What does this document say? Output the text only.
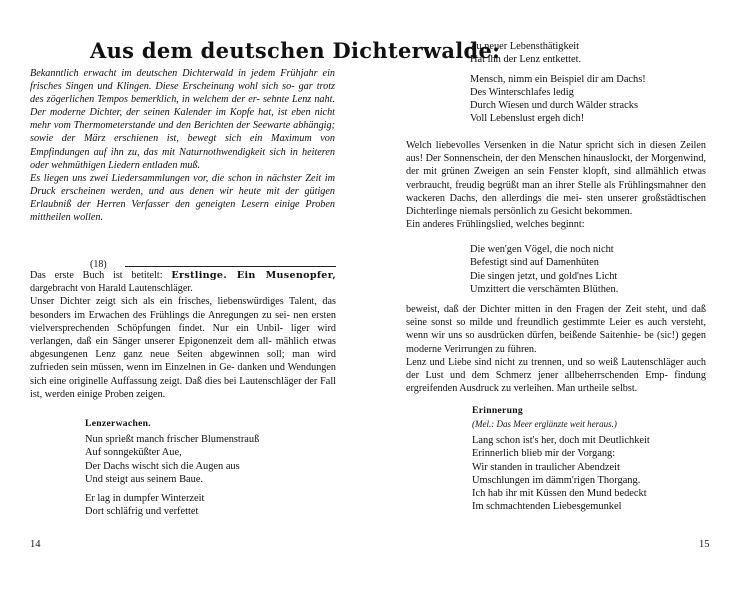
Aus dem deutschen Dichterwalde:

Bekanntlich erwacht im deutschen Dichterwald in jedem Frühjahr ein frisches Singen und Klingen. Diese Erscheinung wohl sich so- gar trotz des zögerlichen Tempos bemerklich, in welchem der er- sehnte Lenz naht. Der moderne Dichter, der seinen Kalender im Kopfe hat, ist eben nicht mehr vom Thermometerstande und den Berichten der Seewarte abhängig; sowie der März erschienen ist, bewegt sich ein Maximum von Empfindungen auf ihn zu, das mit Naturnothwendigkeit sich in heiteren oder wehmüthigen Liedern entladen muß.

Es liegen uns zwei Liedersammlungen vor, die schon in nächster Zeit im Druck erscheinen werden, und aus denen wir heute mit der gütigen Erlaubniß der Herren Verfasser den geneigten Lesern einige Proben mittheilen wollen.

(18)

Das erste Buch ist betitelt: Erstlinge. Ein Musenopfer, dargebracht von Harald Lautenschläger.

Unser Dichter zeigt sich als ein frisches, liebenswürdiges Talent, das besonders im Erwachen des Frühlings die Anregungen zu sei- nen ersten vielversprechenden Schöpfungen findet. Nur ein Unbil- liger wird verlangen, daß ein Sänger unserer Epigonenzeit dem all- mählich etwas abgesungenen Lenz ganz neue Seiten abgewinnen soll; man wird zufrieden sein müssen, wenn im Einzelnen in Ge- danken und Wendungen sich eine originelle Auffassung zeigt. Daß dies bei Lautenschläger der Fall ist, werden einige Proben zeigen.

Lenzerwachen.
Nun sprießt manch frischer Blumenstrauß
Auf sonngeküßter Aue,
Der Dachs wischt sich die Augen aus
Und steigt aus seinem Baue.
Er lag in dumpfer Winterzeit
Dort schläfrig und verfettet
14
Zu neuer Lebensthätigkeit
Hat ihn der Lenz entkettet.
Mensch, nimm ein Beispiel dir am Dachs!
Des Winterschlafes ledig
Durch Wiesen und durch Wälder stracks
Voll Lebenslust ergeh dich!

Welch liebevolles Versenken in die Natur spricht sich in diesen Zeilen aus! Der Sonnenschein, der den Menschen hinauslockt, der Morgenwind, der mit grünen Zweigen an sein Fenster klopft, sind allmählich etwas verbraucht, freudig begrüßt man an ihrer Stelle als Frühlingsmahner den wackeren Dachs, den allerdings die mei- sten unserer großstädtischen Dichterlinge niemals persönlich zu Gesicht bekommen.

Ein anderes Frühlingslied, welches beginnt:

Die wen'gen Vögel, die noch nicht
Befestigt sind auf Damenhüten
Die singen jetzt, und gold'nes Licht
Umzittert die verschämten Blüthen.

beweist, daß der Dichter mitten in den Fragen der Zeit steht, und daß seine sonst so milde und freundlich gestimmte Leier es auch versteht, wenn wir uns so ausdrücken dürfen, beißende Saitenhie- be (sic!) gegen moderne Verirrungen zu führen.

Lenz und Liebe sind nicht zu trennen, und so weiß Lautenschläger auch der Lust und dem Schmerz jener allbeherrschenden Emp- findung ergreifenden Ausdruck zu verleihen. Man urtheile selbst.

Erinnerung
(Mel.: Das Meer erglänzte weit heraus.)
Lang schon ist's her, doch mit Deutlichkeit
Erinnerlich blieb mir der Vorgang:
Wir standen in traulicher Abendzeit
Umschlungen im dämm'rigen Thorgang.
Ich hab ihr mit Küssen den Mund bedeckt
Im schmachtenden Liebesgemunkel
15
